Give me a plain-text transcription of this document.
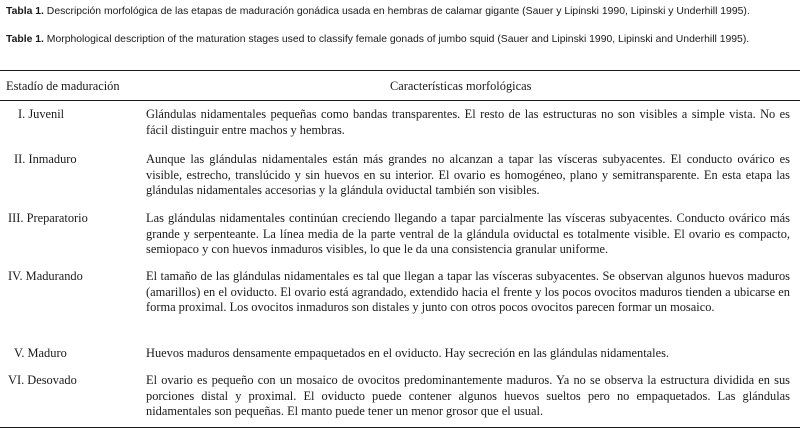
Tabla 1. Descripción morfológica de las etapas de maduración gonádica usada en hembras de calamar gigante (Sauer y Lipinski 1990, Lipinski y Underhill 1995).
Table 1. Morphological description of the maturation stages used to classify female gonads of jumbo squid (Sauer and Lipinski 1990, Lipinski and Underhill 1995).
Estadío de maduración	Características morfológicas
I. Juvenil	Glándulas nidamentales pequeñas como bandas transparentes. El resto de las estructuras no son visibles a simple vista. No es fácil distinguir entre machos y hembras.
II. Inmaduro	Aunque las glándulas nidamentales están más grandes no alcanzan a tapar las vísceras subyacentes. El conducto ovárico es visible, estrecho, translúcido y sin huevos en su interior. El ovario es homogéneo, plano y semitransparente. En esta etapa las glándulas nidamentales accesorias y la glándula oviductal también son visibles.
III. Preparatorio	Las glándulas nidamentales continúan creciendo llegando a tapar parcialmente las vísceras subyacentes. Conducto ovárico más grande y serpenteante. La línea media de la parte ventral de la glándula oviductal es totalmente visible. El ovario es compacto, semiopaco y con huevos inmaduros visibles, lo que le da una consistencia granular uniforme.
IV. Madurando	El tamaño de las glándulas nidamentales es tal que llegan a tapar las vísceras subyacentes. Se observan algunos huevos maduros (amarillos) en el oviducto. El ovario está agrandado, extendido hacia el frente y los pocos ovocitos maduros tienden a ubicarse en forma proximal. Los ovocitos inmaduros son distales y junto con otros pocos ovocitos parecen formar un mosaico.
V. Maduro	Huevos maduros densamente empaquetados en el oviducto. Hay secreción en las glándulas nidamentales.
VI. Desovado	El ovario es pequeño con un mosaico de ovocitos predominantemente maduros. Ya no se observa la estructura dividida en sus porciones distal y proximal. El oviducto puede contener algunos huevos sueltos pero no empaquetados. Las glándulas nidamentales son pequeñas. El manto puede tener un menor grosor que el usual.
